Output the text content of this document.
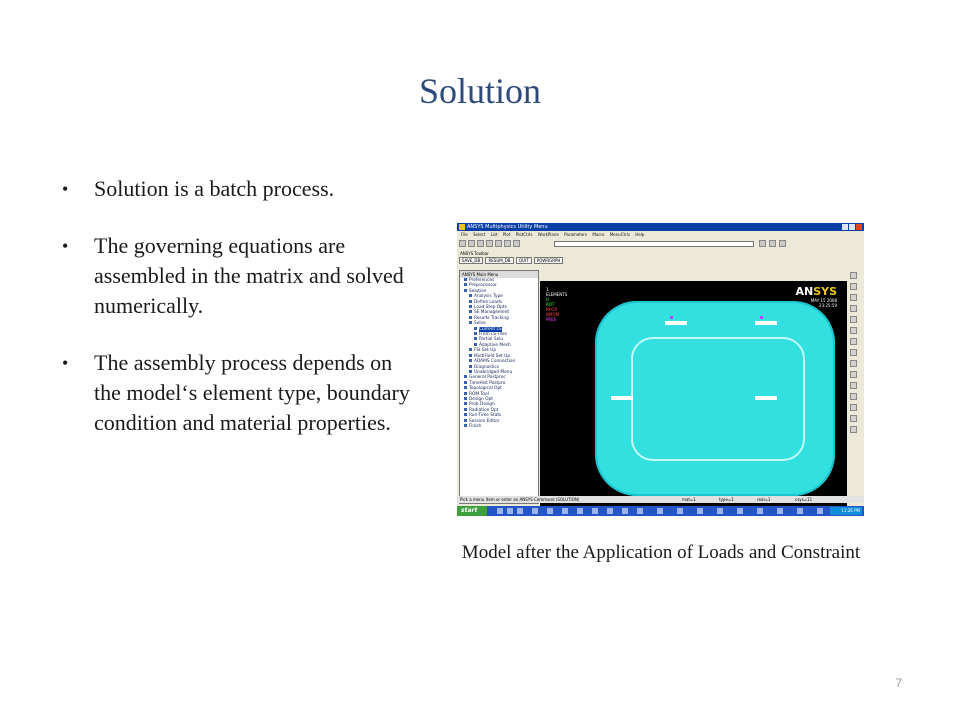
Solution
• Solution is a batch process.
• The governing equations are assembled in the matrix and solved numerically.
• The assembly process depends on the model‘s element type, boundary condition and material properties.
ANSYS Multiphysics Utility Menu
File Select List Plot PlotCtrls WorkPlane Parameters Macro MenuCtrls Help
ANSYS Toolbar
SAVE_DB RESUM_DB QUIT POWRGRPH
ANSYS Main Menu
Preferences
Preprocessor
Solution
Analysis Type
Define Loads
Load Step Opts
SE Management
Results Tracking
Solve
Current LS
From LS Files
Partial Solu
Adaptive Mesh
FSI Set Up
MultiField Set Up
ADAMS Connection
Diagnostics
Unabridged Menu
General Postproc
TimeHist Postpro
Topological Opt
ROM Tool
Design Opt
Prob Design
Radiation Opt
Run-Time Stats
Session Editor
Finish
1
ELEMENTS
U
ROT
NFOR
NMOM
PRES
ANSYS
MAY 15 2008
23:25:59
Pick a menu item or enter an ANSYS Command (SOLUTION)	mat=1	type=1	real=1	csys=11
start	11:26 PM
Model after the Application of Loads and Constraint
7
